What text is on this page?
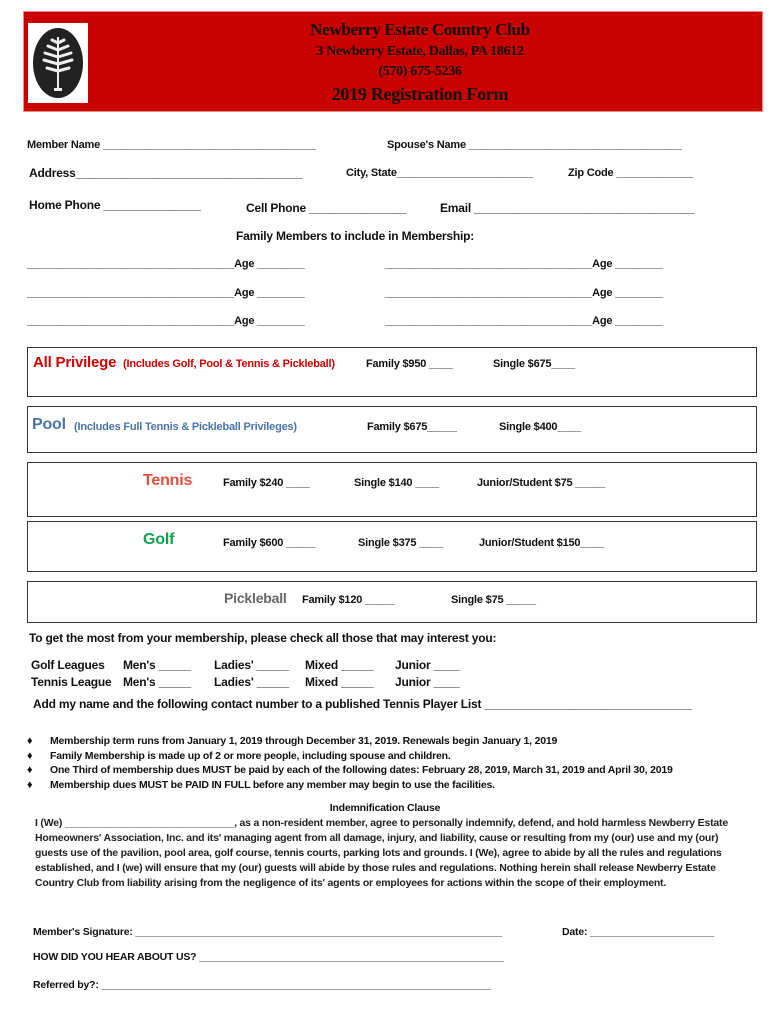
Newberry Estate Country Club
3 Newberry Estate, Dallas, PA 18612
(570) 675-5236
2019 Registration Form
Member Name ____________________________________	Spouse's Name ____________________________________
Address___________________________________	City, State_______________________	Zip Code _____________
Home Phone _______________	Cell Phone _______________	Email __________________________________
Family Members to include in Membership:
___________________________________Age ________	___________________________________Age ________
___________________________________Age ________	___________________________________Age ________
___________________________________Age ________	___________________________________Age ________
All Privilege (Includes Golf, Pool & Tennis & Pickleball)	Family $950 ____	Single $675____
Pool (Includes Full Tennis & Pickleball Privileges)	Family $675_____	Single $400____
Tennis	Family $240 ____	Single $140 ____	Junior/Student $75 _____
Golf	Family $600 _____	Single $375 ____	Junior/Student $150____
Pickleball Family $120 _____	Single $75 _____
To get the most from your membership, please check all those that may interest you:
Golf Leagues Men's _____ Ladies' _____ Mixed _____ Junior ____
Tennis League Men's _____ Ladies' _____ Mixed _____ Junior ____
Add my name and the following contact number to a published Tennis Player List ________________________________
♦ Membership term runs from January 1, 2019 through December 31, 2019. Renewals begin January 1, 2019
♦ Family Membership is made up of 2 or more people, including spouse and children.
♦ One Third of membership dues MUST be paid by each of the following dates: February 28, 2019, March 31, 2019 and April 30, 2019
♦ Membership dues MUST be PAID IN FULL before any member may begin to use the facilities.
Indemnification Clause
I (We) ______________________________, as a non-resident member, agree to personally indemnify, defend, and hold harmless Newberry Estate Homeowners' Association, Inc. and its' managing agent from all damage, injury, and liability, cause or resulting from my (our) use and my (our) guests use of the pavilion, pool area, golf course, tennis courts, parking lots and grounds. I (We), agree to abide by all the rules and regulations established, and I (we) will ensure that my (our) guests will abide by those rules and regulations. Nothing herein shall release Newberry Estate Country Club from liability arising from the negligence of its' agents or employees for actions within the scope of their employment.
Member's Signature: _________________________________________________________________	Date: ______________________
HOW DID YOU HEAR ABOUT US? ______________________________________________________
Referred by?: _____________________________________________________________________
